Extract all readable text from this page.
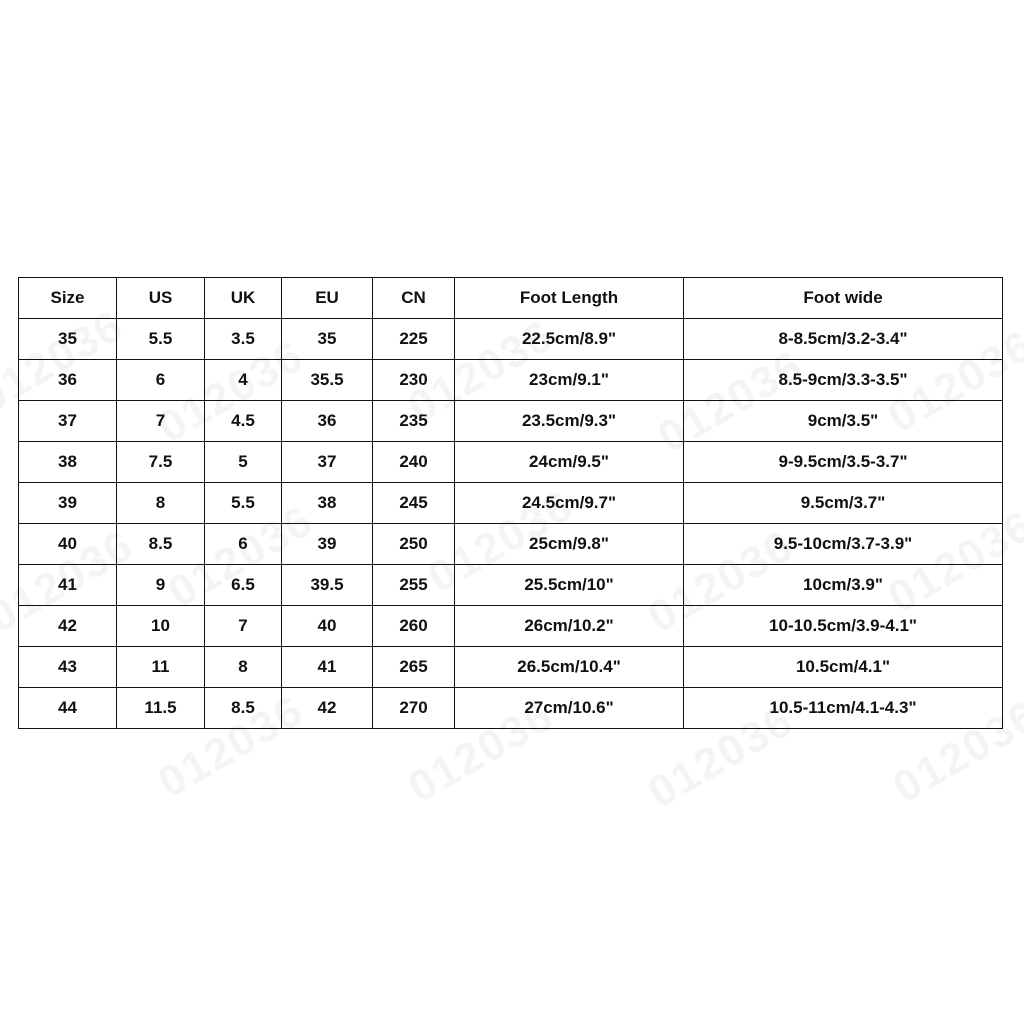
Size	US	UK	EU	CN	Foot Length	Foot wide
35	5.5	3.5	35	225	22.5cm/8.9"	8-8.5cm/3.2-3.4"
36	6	4	35.5	230	23cm/9.1"	8.5-9cm/3.3-3.5"
37	7	4.5	36	235	23.5cm/9.3"	9cm/3.5"
38	7.5	5	37	240	24cm/9.5"	9-9.5cm/3.5-3.7"
39	8	5.5	38	245	24.5cm/9.7"	9.5cm/3.7"
40	8.5	6	39	250	25cm/9.8"	9.5-10cm/3.7-3.9"
41	9	6.5	39.5	255	25.5cm/10"	10cm/3.9"
42	10	7	40	260	26cm/10.2"	10-10.5cm/3.9-4.1"
43	11	8	41	265	26.5cm/10.4"	10.5cm/4.1"
44	11.5	8.5	42	270	27cm/10.6"	10.5-11cm/4.1-4.3"
